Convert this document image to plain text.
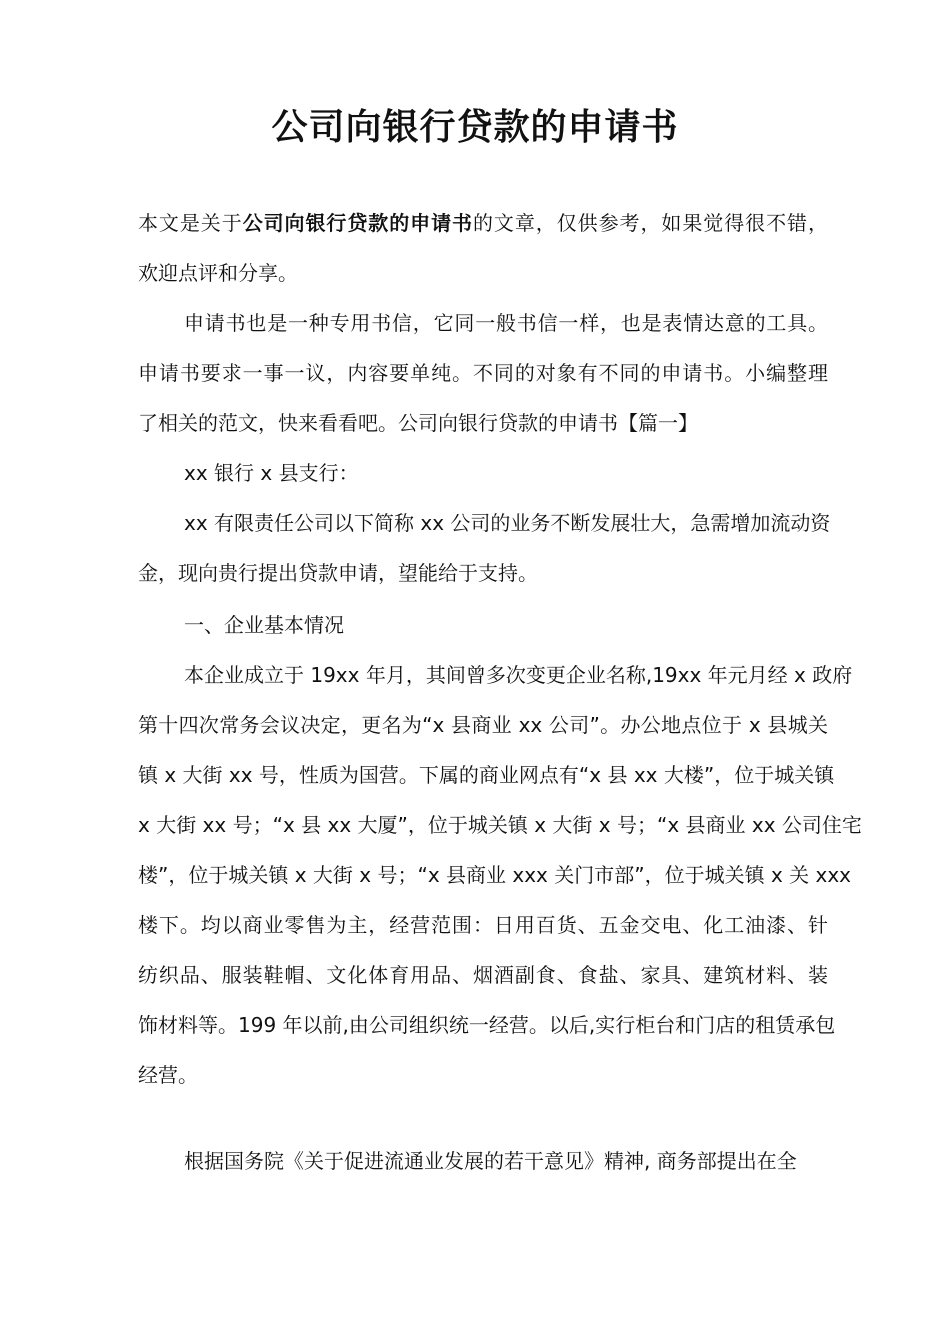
公司向银行贷款的申请书
本文是关于公司向银行贷款的申请书的文章，仅供参考，如果觉得很不错，
欢迎点评和分享。
申请书也是一种专用书信，它同一般书信一样，也是表情达意的工具。
申请书要求一事一议，内容要单纯。不同的对象有不同的申请书。小编整理
了相关的范文，快来看看吧。公司向银行贷款的申请书【篇一】
xx 银行 x 县支行：
xx 有限责任公司以下简称 xx 公司的业务不断发展壮大，急需增加流动资
金，现向贵行提出贷款申请，望能给于支持。
一、企业基本情况
本企业成立于 19xx 年月，其间曾多次变更企业名称,19xx 年元月经 x 政府
第十四次常务会议决定，更名为“x 县商业 xx 公司”。办公地点位于 x 县城关
镇 x 大街 xx 号，性质为国营。下属的商业网点有“x 县 xx 大楼”，位于城关镇
x 大街 xx 号；“x 县 xx 大厦”，位于城关镇 x 大街 x 号；“x 县商业 xx 公司住宅
楼”，位于城关镇 x 大街 x 号；“x 县商业 xxx 关门市部”，位于城关镇 x 关 xxx
楼下。均以商业零售为主，经营范围：日用百货、五金交电、化工油漆、针
纺织品、服装鞋帽、文化体育用品、烟酒副食、食盐、家具、建筑材料、装
饰材料等。199 年以前,由公司组织统一经营。以后,实行柜台和门店的租赁承包
经营。
根据国务院《关于促进流通业发展的若干意见》精神, 商务部提出在全
